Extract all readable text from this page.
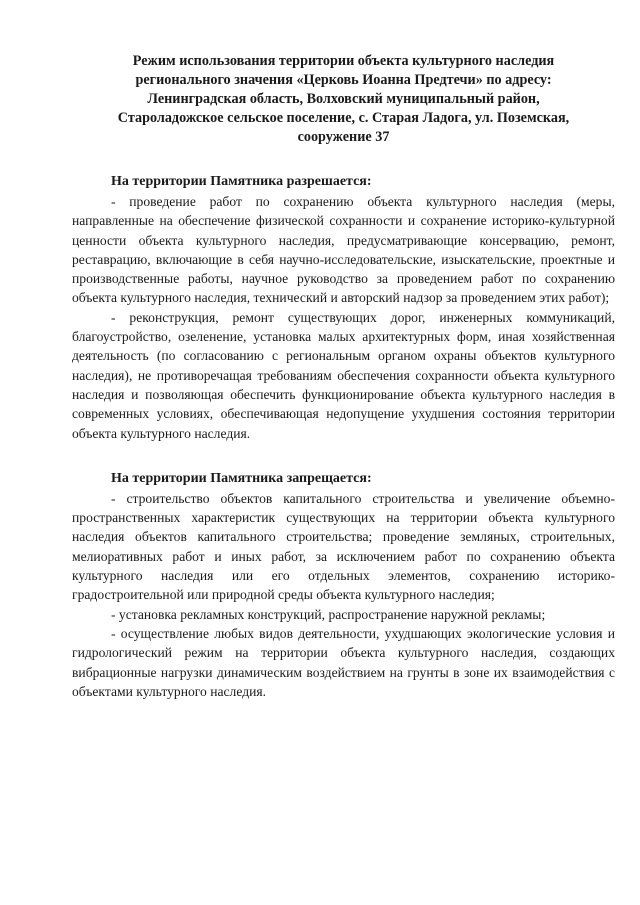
Режим использования территории объекта культурного наследия
регионального значения «Церковь Иоанна Предтечи» по адресу:
Ленинградская область, Волховский муниципальный район,
Староладожское сельское поселение, с. Старая Ладога, ул. Поземская,
сооружение 37
На территории Памятника разрешается:

- проведение работ по сохранению объекта культурного наследия (меры, направленные на обеспечение физической сохранности и сохранение историко-культурной ценности объекта культурного наследия, предусматривающие консервацию, ремонт, реставрацию, включающие в себя научно-исследовательские, изыскательские, проектные и производственные работы, научное руководство за проведением работ по сохранению объекта культурного наследия, технический и авторский надзор за проведением этих работ);

- реконструкция, ремонт существующих дорог, инженерных коммуникаций, благоустройство, озеленение, установка малых архитектурных форм, иная хозяйственная деятельность (по согласованию с региональным органом охраны объектов культурного наследия), не противоречащая требованиям обеспечения сохранности объекта культурного наследия и позволяющая обеспечить функционирование объекта культурного наследия в современных условиях, обеспечивающая недопущение ухудшения состояния территории объекта культурного наследия.

На территории Памятника запрещается:

- строительство объектов капитального строительства и увеличение объемно-пространственных характеристик существующих на территории объекта культурного наследия объектов капитального строительства; проведение земляных, строительных, мелиоративных работ и иных работ, за исключением работ по сохранению объекта культурного наследия или его отдельных элементов, сохранению историко-градостроительной или природной среды объекта культурного наследия;

- установка рекламных конструкций, распространение наружной рекламы;

- осуществление любых видов деятельности, ухудшающих экологические условия и гидрологический режим на территории объекта культурного наследия, создающих вибрационные нагрузки динамическим воздействием на грунты в зоне их взаимодействия с объектами культурного наследия.
